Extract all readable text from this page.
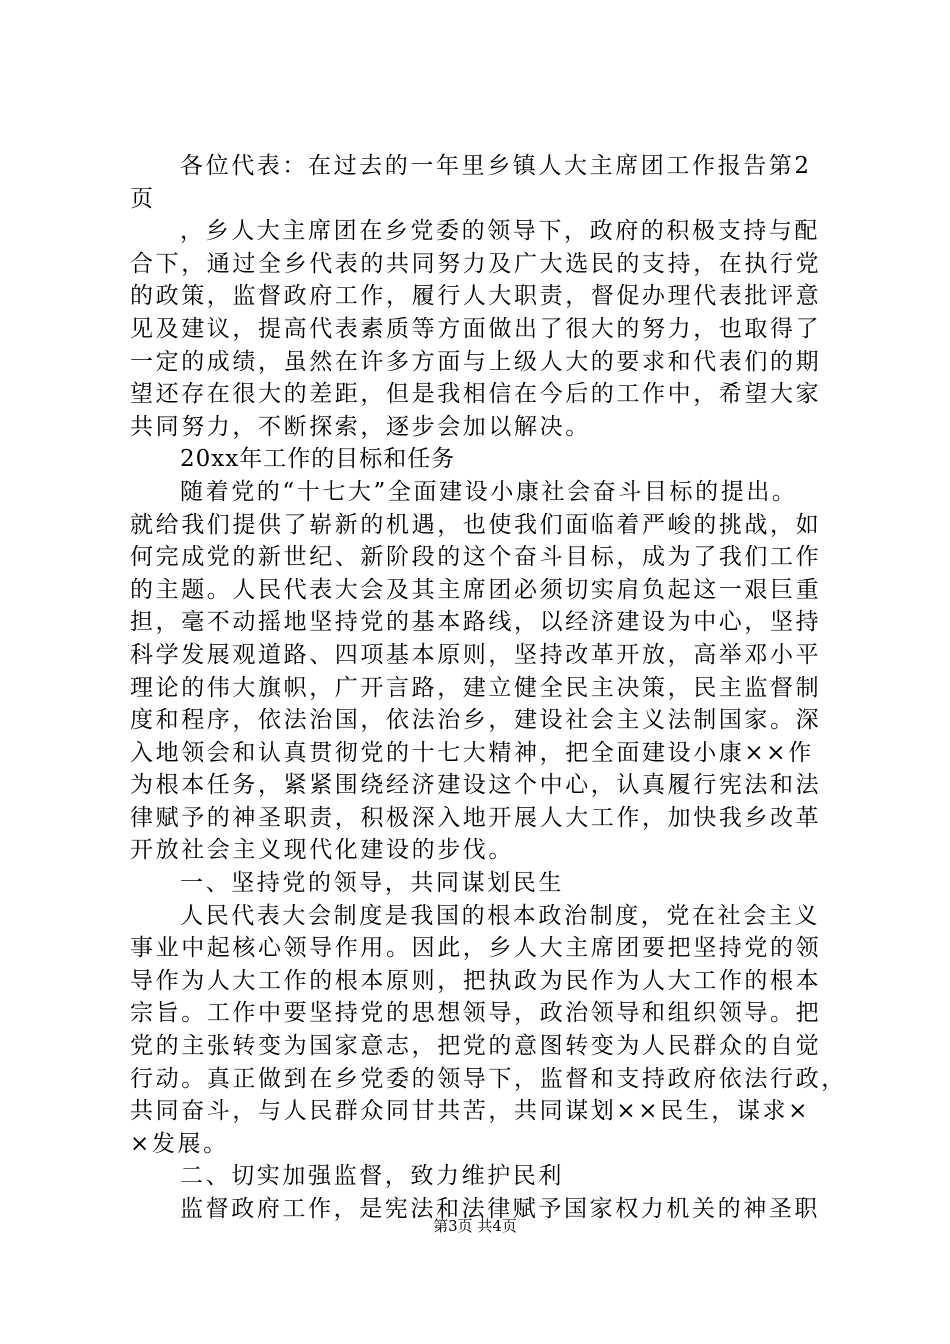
各位代表：在过去的一年里乡镇人大主席团工作报告第2
页
，乡人大主席团在乡党委的领导下，政府的积极支持与配
合下，通过全乡代表的共同努力及广大选民的支持，在执行党
的政策，监督政府工作，履行人大职责，督促办理代表批评意
见及建议，提高代表素质等方面做出了很大的努力，也取得了
一定的成绩，虽然在许多方面与上级人大的要求和代表们的期
望还存在很大的差距，但是我相信在今后的工作中，希望大家
共同努力，不断探索，逐步会加以解决。
20xx年工作的目标和任务
随着党的“十七大”全面建设小康社会奋斗目标的提出。
就给我们提供了崭新的机遇，也使我们面临着严峻的挑战，如
何完成党的新世纪、新阶段的这个奋斗目标，成为了我们工作
的主题。人民代表大会及其主席团必须切实肩负起这一艰巨重
担，毫不动摇地坚持党的基本路线，以经济建设为中心，坚持
科学发展观道路、四项基本原则，坚持改革开放，高举邓小平
理论的伟大旗帜，广开言路，建立健全民主决策，民主监督制
度和程序，依法治国，依法治乡，建设社会主义法制国家。深
入地领会和认真贯彻党的十七大精神，把全面建设小康××作
为根本任务，紧紧围绕经济建设这个中心，认真履行宪法和法
律赋予的神圣职责，积极深入地开展人大工作，加快我乡改革
开放社会主义现代化建设的步伐。
一、坚持党的领导，共同谋划民生
人民代表大会制度是我国的根本政治制度，党在社会主义
事业中起核心领导作用。因此，乡人大主席团要把坚持党的领
导作为人大工作的根本原则，把执政为民作为人大工作的根本
宗旨。工作中要坚持党的思想领导，政治领导和组织领导。把
党的主张转变为国家意志，把党的意图转变为人民群众的自觉
行动。真正做到在乡党委的领导下，监督和支持政府依法行政，
共同奋斗，与人民群众同甘共苦，共同谋划××民生，谋求×
×发展。
二、切实加强监督，致力维护民利
监督政府工作，是宪法和法律赋予国家权力机关的神圣职
第3页 共4页
